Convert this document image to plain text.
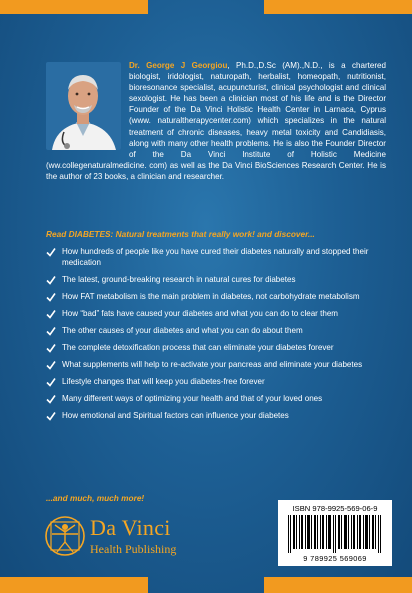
Dr. George J Georgiou, Ph.D.,D.Sc (AM).,N.D., is a chartered biologist, iridologist, naturopath, herbalist, homeopath, nutritionist, bioresonance specialist, acupuncturist, clinical psychologist and clinical sexologist. He has been a clinician most of his life and is the Director Founder of the Da Vinci Holistic Health Center in Larnaca, Cyprus (www. naturaltherapycenter.com) which specializes in the natural treatment of chronic diseases, heavy metal toxicity and Candidiasis, along with many other health problems. He is also the Founder Director of the Da Vinci Institute of Holistic Medicine (ww.collegenaturalmedicine. com) as well as the Da Vinci BioSciences Research Center. He is the author of 23 books, a clinician and researcher.

Read DIABETES: Natural treatments that really work! and discover...
How hundreds of people like you have cured their diabetes naturally and stopped their medication
The latest, ground-breaking research in natural cures for diabetes
How FAT metabolism is the main problem in diabetes, not carbohydrate metabolism
How “bad” fats have caused your diabetes and what you can do to clear them
The other causes of your diabetes and what you can do about them
The complete detoxification process that can eliminate your diabetes forever
What supplements will help to re-activate your pancreas and eliminate your diabetes
Lifestyle changes that will keep you diabetes-free forever
Many different ways of optimizing your health and that of your loved ones
How emotional and Spiritual factors can influence your diabetes
...and much, much more!
Da Vinci
Health Publishing
ISBN 978-9925-569-06-9
9 789925 569069
